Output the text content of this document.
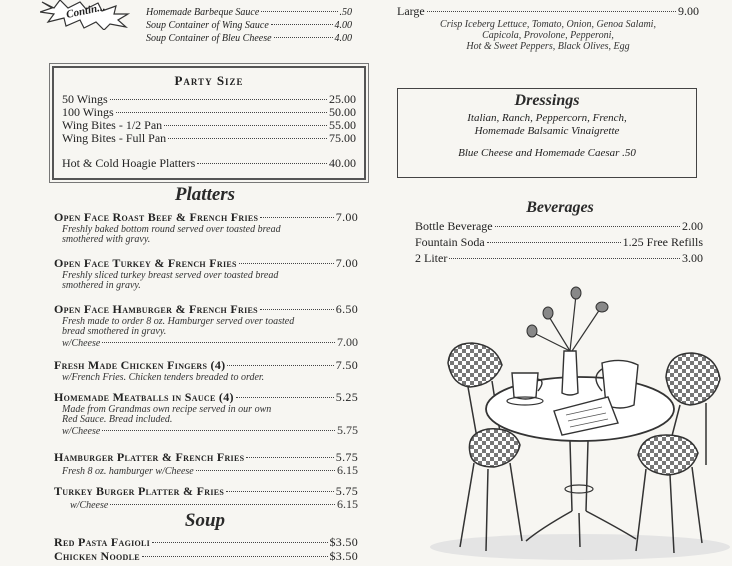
Contin...	Homemade Barbeque Sauce	.50
Soup Container of Wing Sauce	4.00
Soup Container of Bleu Cheese	4.00
Party Size
50 Wings	25.00
100 Wings	50.00
Wing Bites - 1/2 Pan	55.00
Wing Bites - Full Pan	75.00
Hot & Cold Hoagie Platters	40.00
Platters
Open Face Roast Beef & French Fries	7.00
Freshly baked bottom round served over toasted bread
smothered with gravy.
Open Face Turkey & French Fries	7.00
Freshly sliced turkey breast served over toasted bread
smothered in gravy.
Open Face Hamburger & French Fries	6.50
Fresh made to order 8 oz. Hamburger served over toasted
bread smothered in gravy.
w/Cheese	7.00
Fresh Made Chicken Fingers (4)	7.50
w/French Fries. Chicken tenders breaded to order.
Homemade Meatballs in Sauce (4)	5.25
Made from Grandmas own recipe served in our own
Red Sauce. Bread included.
w/Cheese	5.75
Hamburger Platter & French Fries	5.75
Fresh 8 oz. hamburger w/Cheese	6.15
Turkey Burger Platter & Fries	5.75
w/Cheese	6.15
Soup
Red Pasta Fagioli	$3.50
Chicken Noodle	$3.50
Large	9.00
Crisp Iceberg Lettuce, Tomato, Onion, Genoa Salami,
Capicola, Provolone, Pepperoni,
Hot & Sweet Peppers, Black Olives, Egg
Dressings
Italian, Ranch, Peppercorn, French,
Homemade Balsamic Vinaigrette
Blue Cheese and Homemade Caesar .50
Beverages
Bottle Beverage	2.00
Fountain Soda	1.25 Free Refills
2 Liter	3.00
